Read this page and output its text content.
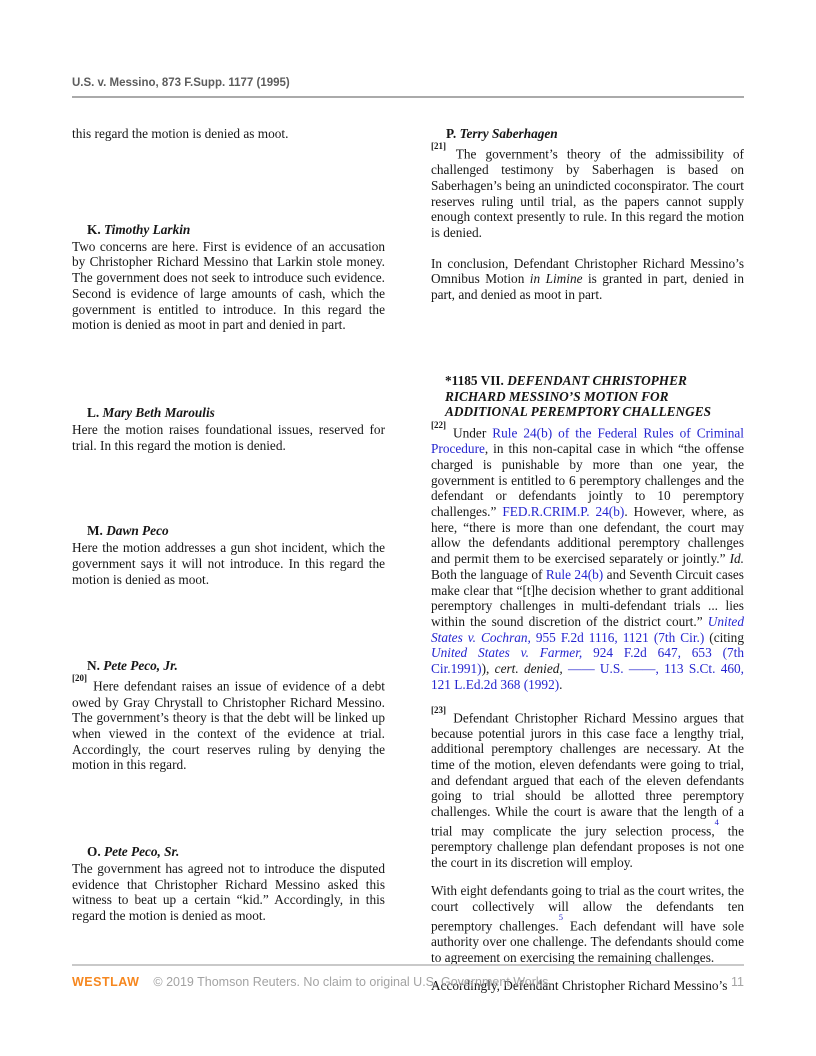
U.S. v. Messino, 873 F.Supp. 1177 (1995)

this regard the motion is denied as moot.

K. Timothy Larkin

Two concerns are here. First is evidence of an accusation by Christopher Richard Messino that Larkin stole money. The government does not seek to introduce such evidence. Second is evidence of large amounts of cash, which the government is entitled to introduce. In this regard the motion is denied as moot in part and denied in part.

L. Mary Beth Maroulis

Here the motion raises foundational issues, reserved for trial. In this regard the motion is denied.

M. Dawn Peco

Here the motion addresses a gun shot incident, which the government says it will not introduce. In this regard the motion is denied as moot.

N. Pete Peco, Jr.

[20] Here defendant raises an issue of evidence of a debt owed by Gray Chrystall to Christopher Richard Messino. The government’s theory is that the debt will be linked up when viewed in the context of the evidence at trial. Accordingly, the court reserves ruling by denying the motion in this regard.

O. Pete Peco, Sr.

The government has agreed not to introduce the disputed evidence that Christopher Richard Messino asked this witness to beat up a certain “kid.” Accordingly, in this regard the motion is denied as moot.

P. Terry Saberhagen

[21] The government’s theory of the admissibility of challenged testimony by Saberhagen is based on Saberhagen’s being an unindicted coconspirator. The court reserves ruling until trial, as the papers cannot supply enough context presently to rule. In this regard the motion is denied.

In conclusion, Defendant Christopher Richard Messino’s Omnibus Motion in Limine is granted in part, denied in part, and denied as moot in part.

*1185 VII. DEFENDANT CHRISTOPHER RICHARD MESSINO’S MOTION FOR ADDITIONAL PEREMPTORY CHALLENGES

[22] Under Rule 24(b) of the Federal Rules of Criminal Procedure, in this non-capital case in which “the offense charged is punishable by more than one year, the government is entitled to 6 peremptory challenges and the defendant or defendants jointly to 10 peremptory challenges.” FED.R.CRIM.P. 24(b). However, where, as here, “there is more than one defendant, the court may allow the defendants additional peremptory challenges and permit them to be exercised separately or jointly.” Id. Both the language of Rule 24(b) and Seventh Circuit cases make clear that “[t]he decision whether to grant additional peremptory challenges in multi-defendant trials ... lies within the sound discretion of the district court.” United States v. Cochran, 955 F.2d 1116, 1121 (7th Cir.) (citing United States v. Farmer, 924 F.2d 647, 653 (7th Cir.1991)), cert. denied, —— U.S. ——, 113 S.Ct. 460, 121 L.Ed.2d 368 (1992).

[23] Defendant Christopher Richard Messino argues that because potential jurors in this case face a lengthy trial, additional peremptory challenges are necessary. At the time of the motion, eleven defendants were going to trial, and defendant argued that each of the eleven defendants going to trial should be allotted three peremptory challenges. While the court is aware that the length of a trial may complicate the jury selection process,$^4$ the peremptory challenge plan defendant proposes is not one the court in its discretion will employ.

With eight defendants going to trial as the court writes, the court collectively will allow the defendants ten peremptory challenges.$^5$ Each defendant will have sole authority over one challenge. The defendants should come to agreement on exercising the remaining challenges.

Accordingly, Defendant Christopher Richard Messino’s

WESTLAW © 2019 Thomson Reuters. No claim to original U.S. Government Works.	11
